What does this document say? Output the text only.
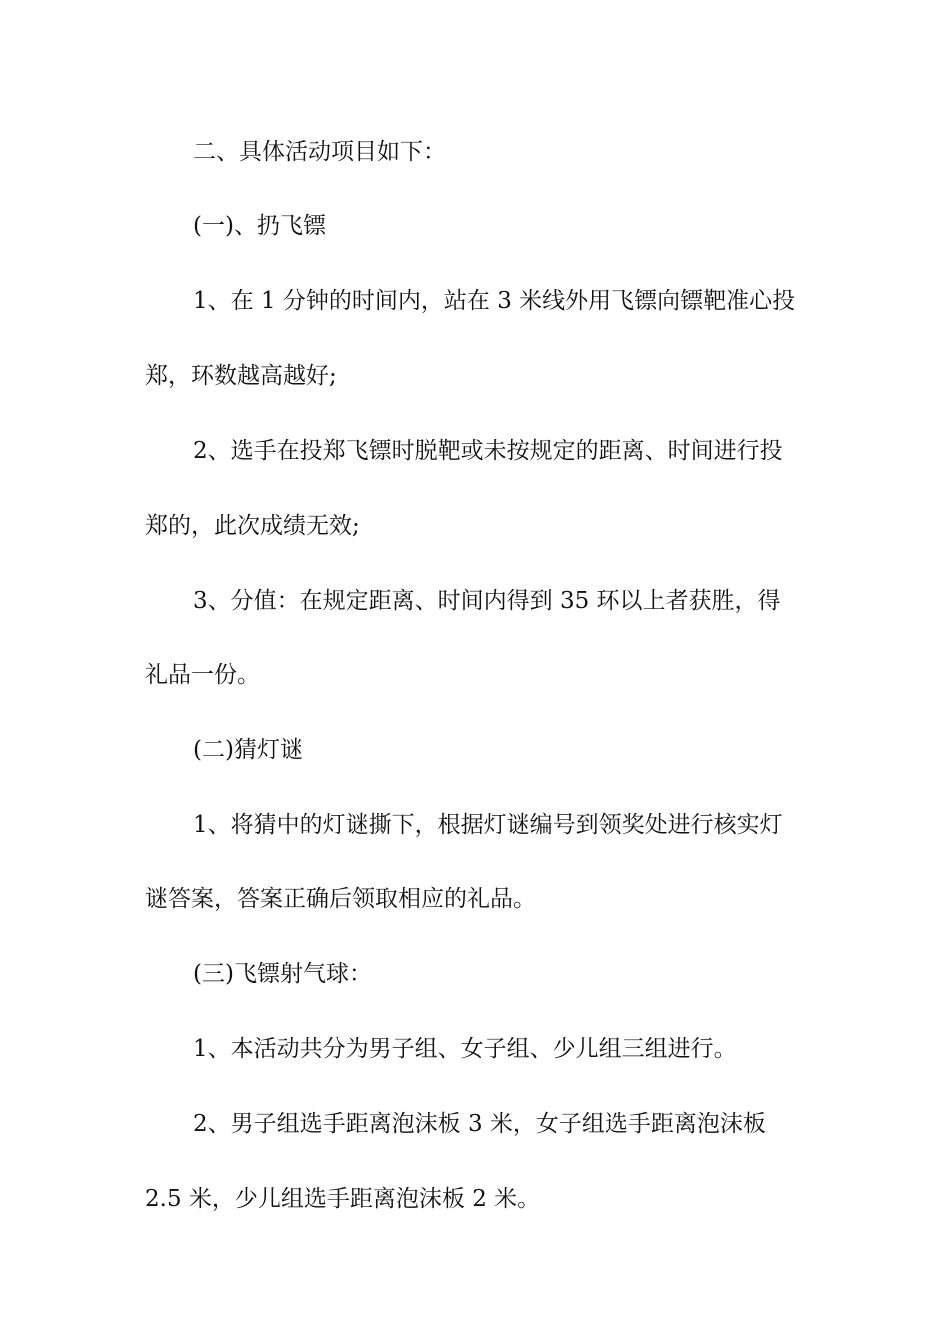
二、具体活动项目如下：
(一)、扔飞镖
1、在 1 分钟的时间内，站在 3 米线外用飞镖向镖靶准心投
郑，环数越高越好;
2、选手在投郑飞镖时脱靶或未按规定的距离、时间进行投
郑的，此次成绩无效;
3、分值：在规定距离、时间内得到 35 环以上者获胜，得
礼品一份。
(二)猜灯谜
1、将猜中的灯谜撕下，根据灯谜编号到领奖处进行核实灯
谜答案，答案正确后领取相应的礼品。
(三)飞镖射气球：
1、本活动共分为男子组、女子组、少儿组三组进行。
2、男子组选手距离泡沫板 3 米，女子组选手距离泡沫板
2.5 米，少儿组选手距离泡沫板 2 米。
